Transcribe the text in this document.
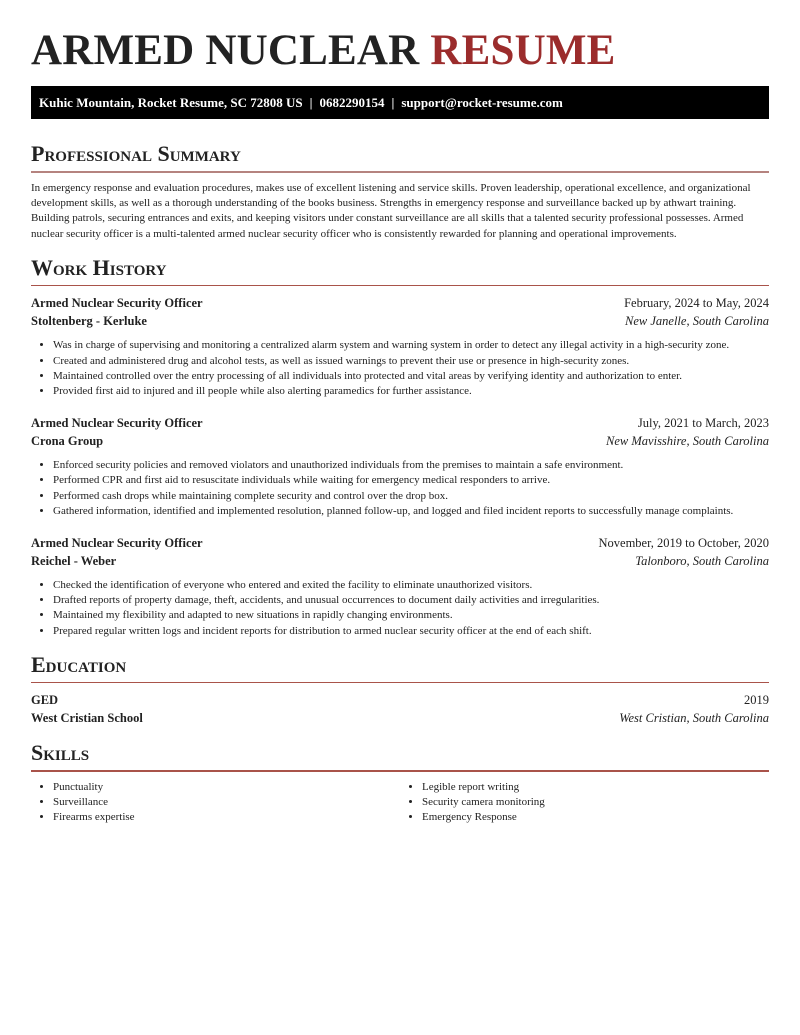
ARMED NUCLEAR RESUME
Kuhic Mountain, Rocket Resume, SC 72808 US | 0682290154 | support@rocket-resume.com
Professional Summary

In emergency response and evaluation procedures, makes use of excellent listening and service skills. Proven leadership, operational excellence, and organizational development skills, as well as a thorough understanding of the books business. Strengths in emergency response and surveillance backed up by athwart training. Building patrols, securing entrances and exits, and keeping visitors under constant surveillance are all skills that a talented security professional possesses. Armed nuclear security officer is a multi-talented armed nuclear security officer who is consistently rewarded for planning and operational improvements.

Work History
Armed Nuclear Security Officer	February, 2024 to May, 2024
Stoltenberg - Kerluke	New Janelle, South Carolina
• Was in charge of supervising and monitoring a centralized alarm system and warning system in order to detect any illegal activity in a high-security zone.
• Created and administered drug and alcohol tests, as well as issued warnings to prevent their use or presence in high-security zones.
• Maintained controlled over the entry processing of all individuals into protected and vital areas by verifying identity and authorization to enter.
• Provided first aid to injured and ill people while also alerting paramedics for further assistance.
Armed Nuclear Security Officer	July, 2021 to March, 2023
Crona Group	New Mavisshire, South Carolina
• Enforced security policies and removed violators and unauthorized individuals from the premises to maintain a safe environment.
• Performed CPR and first aid to resuscitate individuals while waiting for emergency medical responders to arrive.
• Performed cash drops while maintaining complete security and control over the drop box.
• Gathered information, identified and implemented resolution, planned follow-up, and logged and filed incident reports to successfully manage complaints.
Armed Nuclear Security Officer	November, 2019 to October, 2020
Reichel - Weber	Talonboro, South Carolina
• Checked the identification of everyone who entered and exited the facility to eliminate unauthorized visitors.
• Drafted reports of property damage, theft, accidents, and unusual occurrences to document daily activities and irregularities.
• Maintained my flexibility and adapted to new situations in rapidly changing environments.
• Prepared regular written logs and incident reports for distribution to armed nuclear security officer at the end of each shift.
Education
GED	2019
West Cristian School	West Cristian, South Carolina
Skills
• Punctuality
• Surveillance
• Firearms expertise
• Legible report writing
• Security camera monitoring
• Emergency Response
